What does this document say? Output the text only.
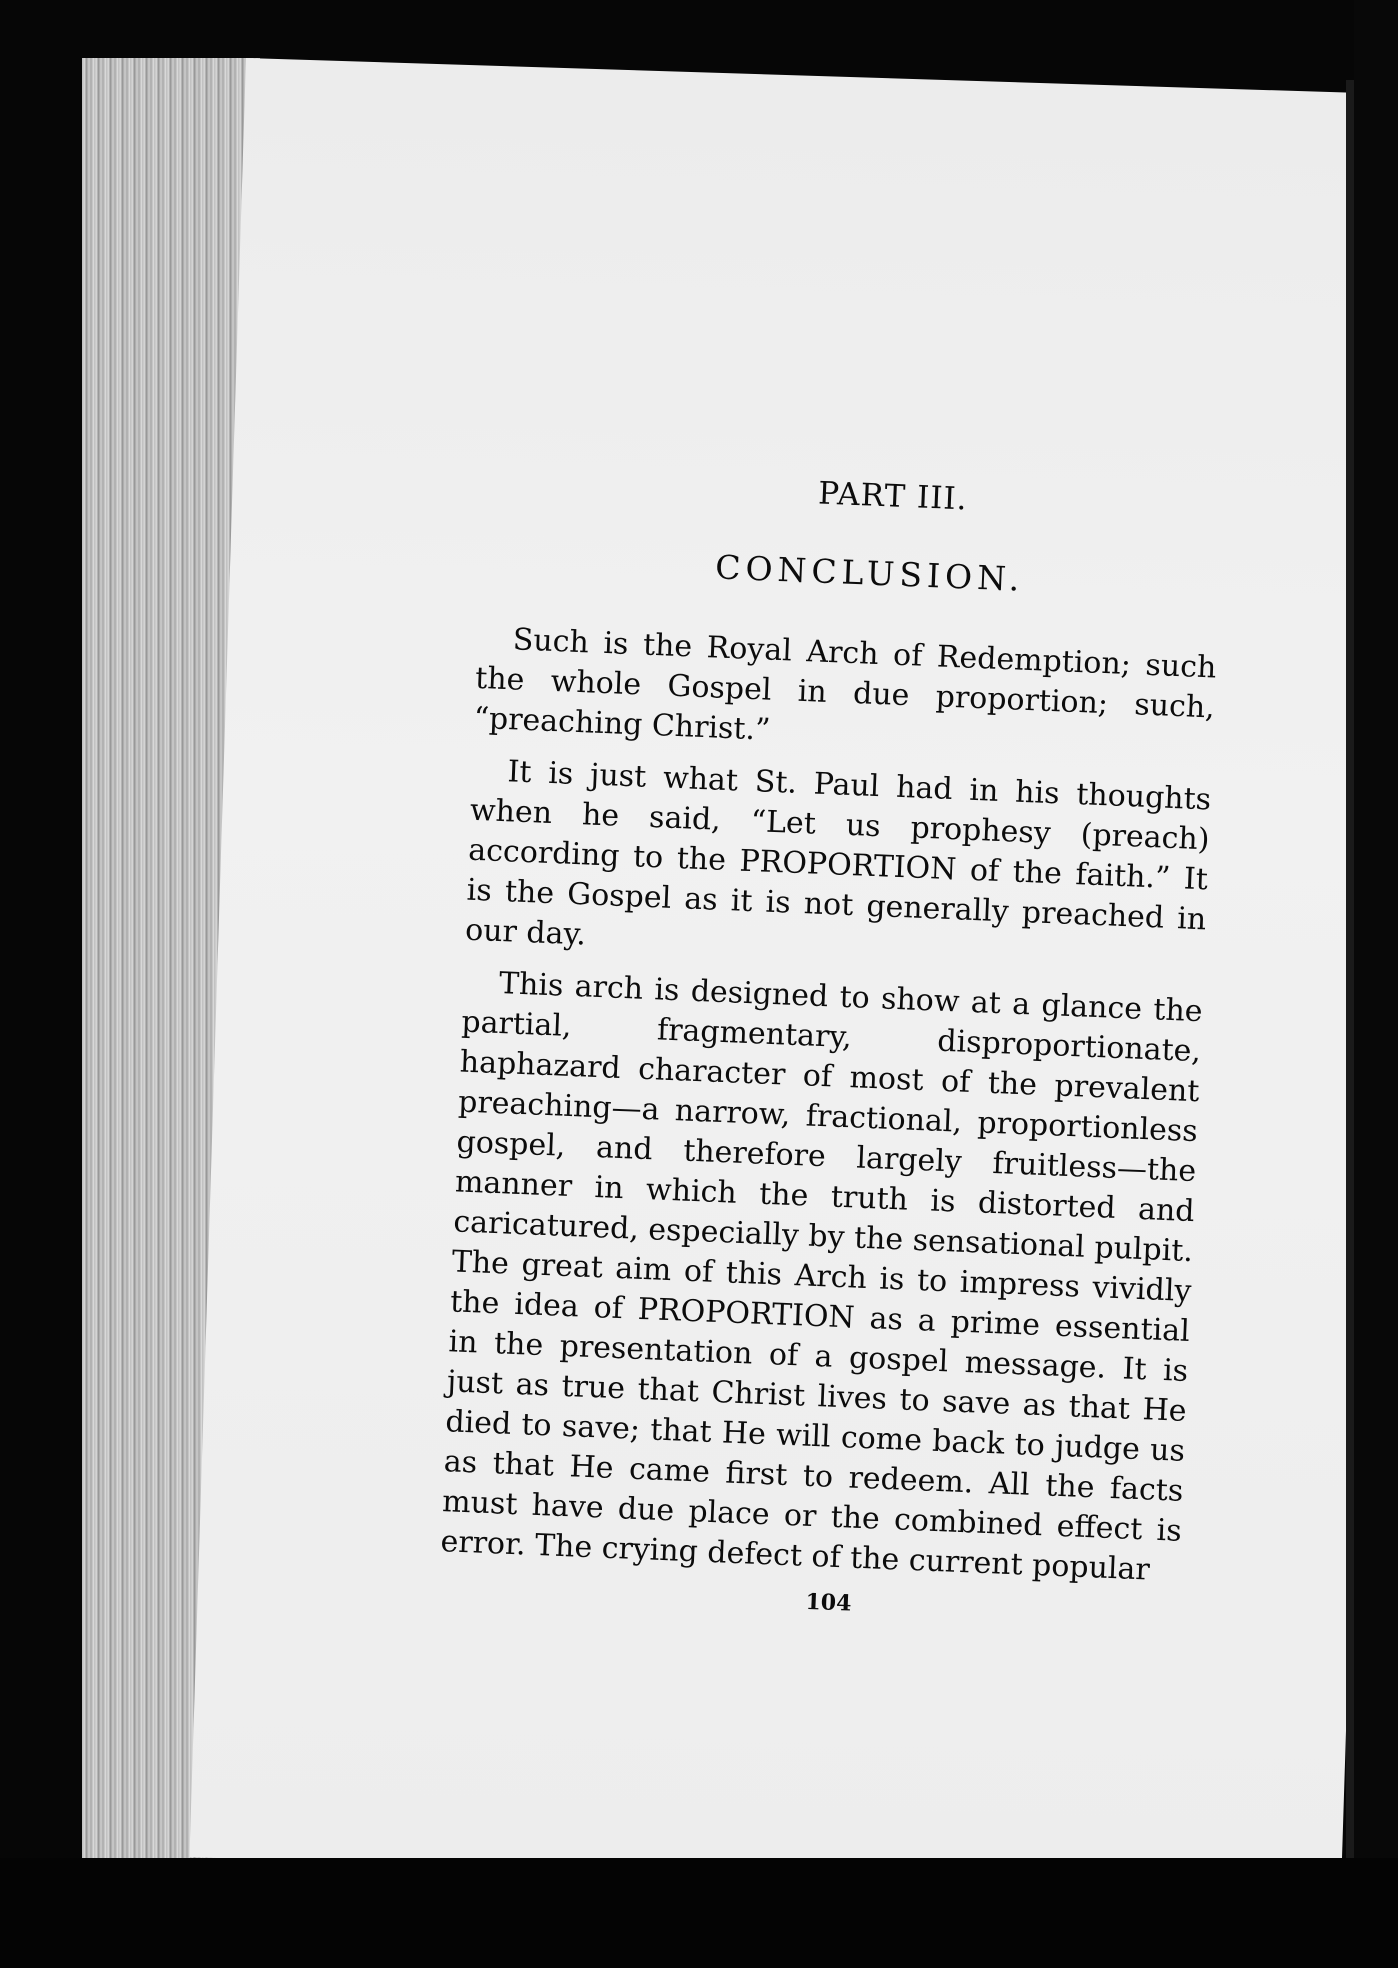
PART III.
CONCLUSION.

Such is the Royal Arch of Redemption; such the whole Gospel in due proportion; such, “preaching Christ.”

It is just what St. Paul had in his thoughts when he said, “Let us prophesy (preach) according to the PROPORTION of the faith.” It is the Gospel as it is not generally preached in our day.

This arch is designed to show at a glance the partial, fragmentary, disproportionate, haphazard character of most of the prevalent preaching—a narrow, fractional, proportionless gospel, and therefore largely fruitless—the manner in which the truth is distorted and caricatured, especially by the sensational pulpit. The great aim of this Arch is to impress vividly the idea of PROPORTION as a prime essential in the presentation of a gospel message. It is just as true that Christ lives to save as that He died to save; that He will come back to judge us as that He came first to redeem. All the facts must have due place or the combined effect is error. The crying defect of the current popular

104
